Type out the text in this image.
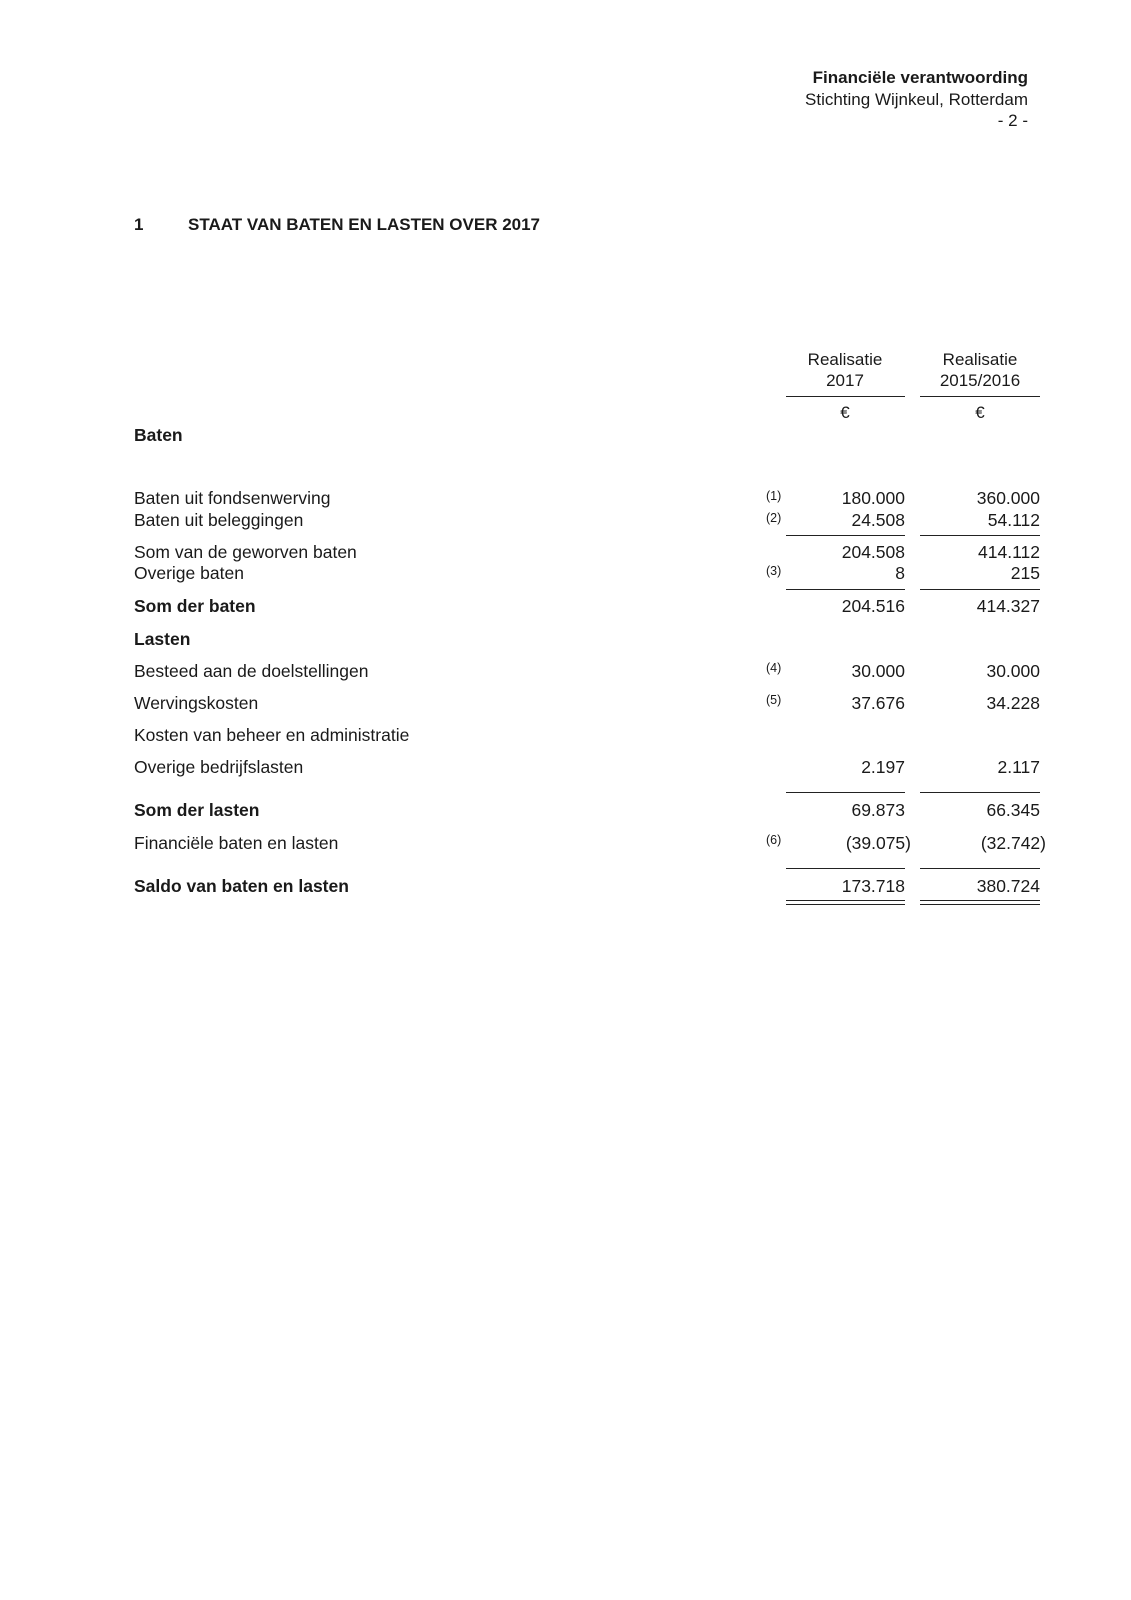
Financiële verantwoording
Stichting Wijnkeul, Rotterdam
- 2 -
1	STAAT VAN BATEN EN LASTEN OVER 2017
Realisatie
2017
Realisatie
2015/2016
€	€
Baten
Baten uit fondsenwerving	(1)	180.000	360.000
Baten uit beleggingen	(2)	24.508	54.112
Som van de geworven baten	204.508	414.112
Overige baten	(3)	8	215
Som der baten	204.516	414.327
Lasten
Besteed aan de doelstellingen	(4)	30.000	30.000
Wervingskosten	(5)	37.676	34.228
Kosten van beheer en administratie
Overige bedrijfslasten	2.197	2.117
Som der lasten	69.873	66.345
Financiële baten en lasten	(6)	(39.075)	(32.742)
Saldo van baten en lasten	173.718	380.724
